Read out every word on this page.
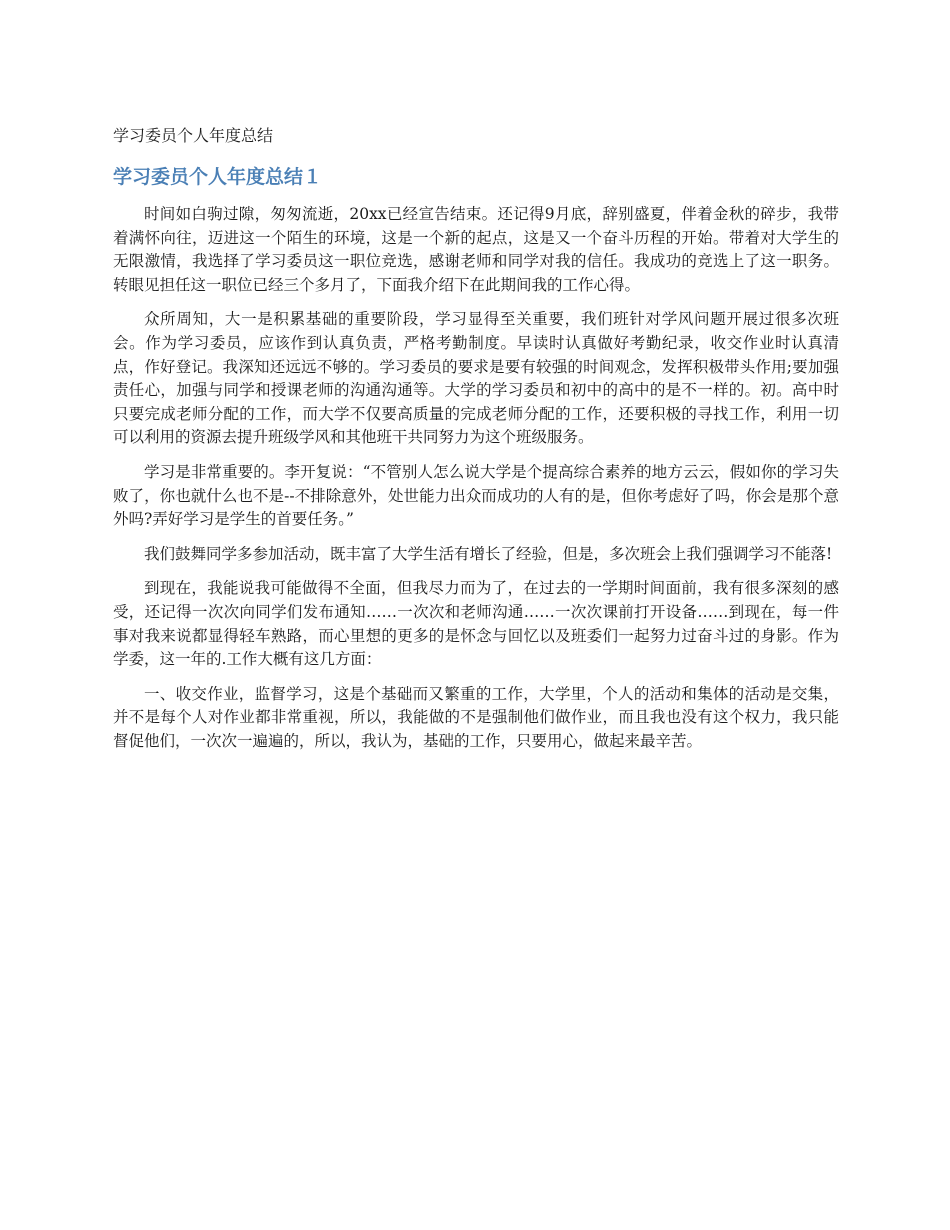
学习委员个人年度总结
学习委员个人年度总结１

时间如白驹过隙，匆匆流逝，20xx已经宣告结束。还记得9月底，辞别盛夏，伴着金秋的碎步，我带着满怀向往，迈进这一个陌生的环境，这是一个新的起点，这是又一个奋斗历程的开始。带着对大学生的无限激情，我选择了学习委员这一职位竞选，感谢老师和同学对我的信任。我成功的竞选上了这一职务。转眼见担任这一职位已经三个多月了，下面我介绍下在此期间我的工作心得。

众所周知，大一是积累基础的重要阶段，学习显得至关重要，我们班针对学风问题开展过很多次班会。作为学习委员，应该作到认真负责，严格考勤制度。早读时认真做好考勤纪录，收交作业时认真清点，作好登记。我深知还远远不够的。学习委员的要求是要有较强的时间观念，发挥积极带头作用;要加强责任心，加强与同学和授课老师的沟通沟通等。大学的学习委员和初中的高中的是不一样的。初。高中时只要完成老师分配的工作，而大学不仅要高质量的完成老师分配的工作，还要积极的寻找工作，利用一切可以利用的资源去提升班级学风和其他班干共同努力为这个班级服务。

学习是非常重要的。李开复说：“不管别人怎么说大学是个提高综合素养的地方云云，假如你的学习失败了，你也就什么也不是--不排除意外，处世能力出众而成功的人有的是，但你考虑好了吗，你会是那个意外吗?弄好学习是学生的首要任务。”

我们鼓舞同学多参加活动，既丰富了大学生活有增长了经验，但是，多次班会上我们强调学习不能落!

到现在，我能说我可能做得不全面，但我尽力而为了，在过去的一学期时间面前，我有很多深刻的感受，还记得一次次向同学们发布通知……一次次和老师沟通……一次次课前打开设备……到现在，每一件事对我来说都显得轻车熟路，而心里想的更多的是怀念与回忆以及班委们一起努力过奋斗过的身影。作为学委，这一年的.工作大概有这几方面：

一、收交作业，监督学习，这是个基础而又繁重的工作，大学里，个人的活动和集体的活动是交集，并不是每个人对作业都非常重视，所以，我能做的不是强制他们做作业，而且我也没有这个权力，我只能督促他们，一次次一遍遍的，所以，我认为，基础的工作，只要用心，做起来最辛苦。
